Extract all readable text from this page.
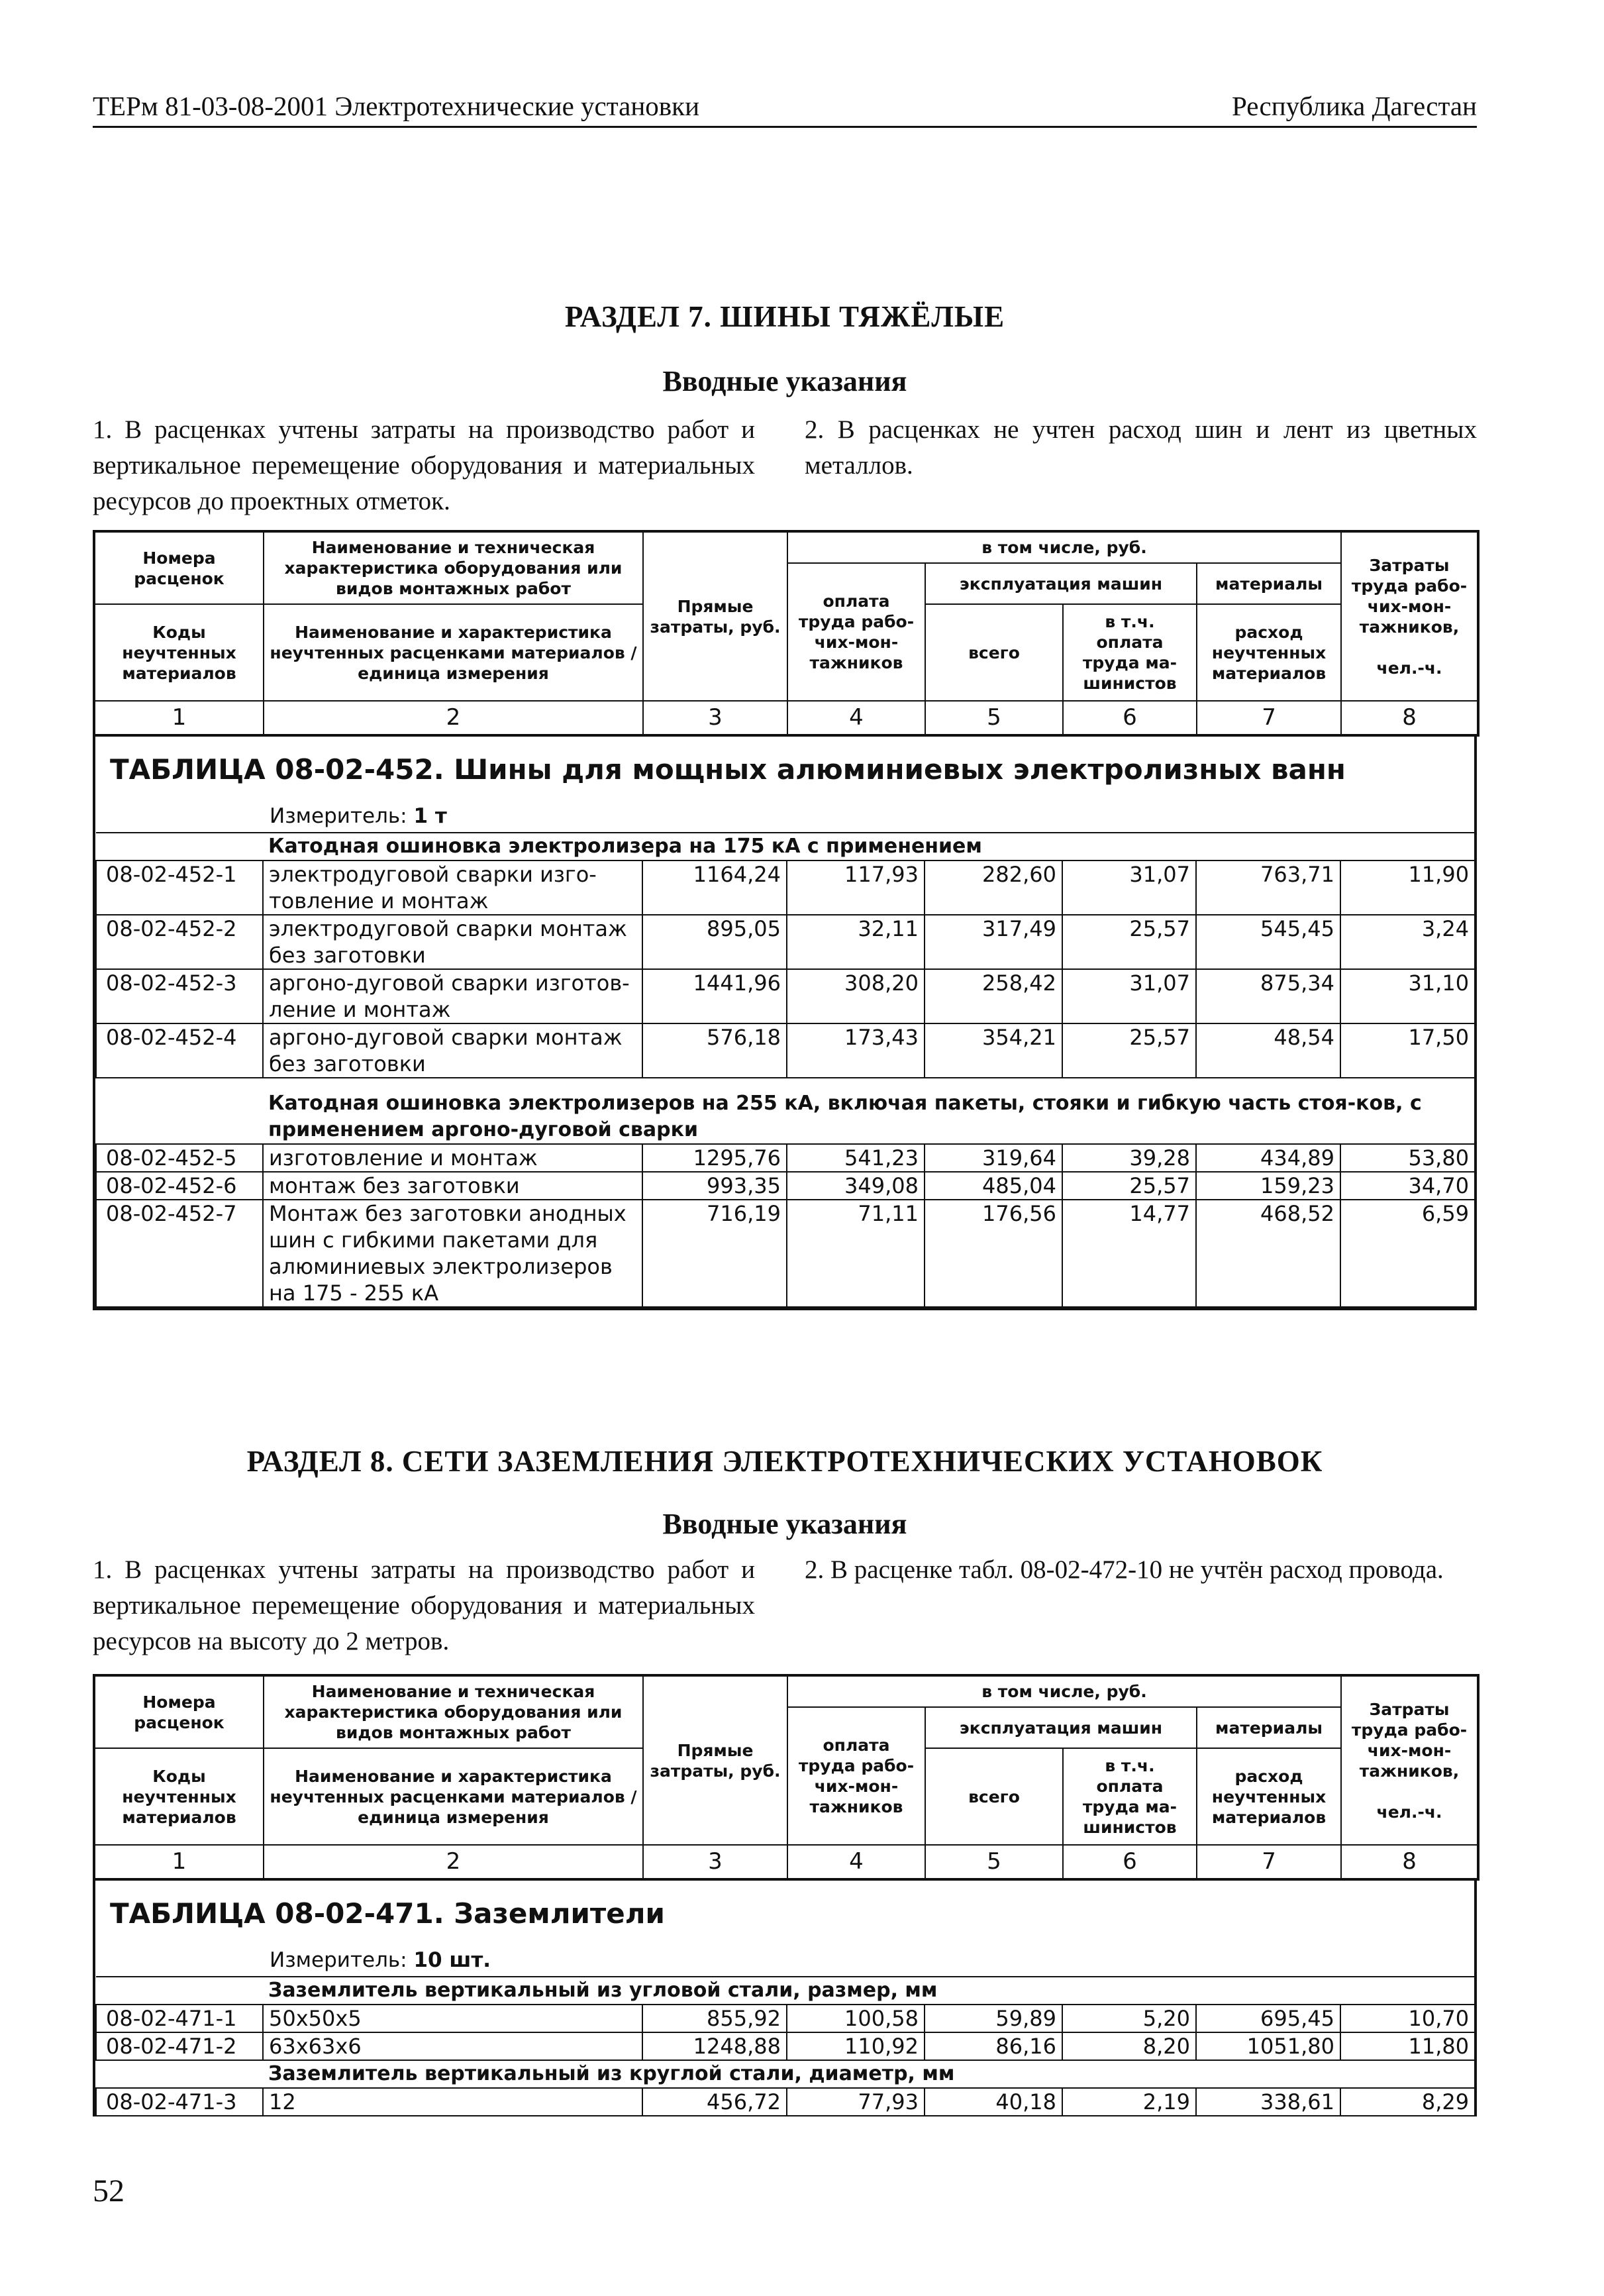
ТЕРм 81-03-08-2001 Электротехнические установки	Республика Дагестан
РАЗДЕЛ 7. ШИНЫ ТЯЖЁЛЫЕ
Вводные указания
1. В расценках учтены затраты на производство работ и вертикальное перемещение оборудования и материальных ресурсов до проектных отметок.
2. В расценках не учтен расход шин и лент из цветных металлов.
Номера расценок	Наименование и техническая характеристика оборудования или видов монтажных работ	Прямые затраты, руб.	в том числе, руб.				Затраты труда рабо-чих-мон-тажников,

чел.-ч.
			оплата труда рабо-чих-мон-тажников	эксплуатация машин		материалы	
Коды неучтенных материалов	Наименование и характеристика неучтенных расценками материалов / единица измерения			всего	в т.ч. оплата труда ма-шинистов	расход неучтенных материалов	

1	2	3	4	5	6	7	8
ТАБЛИЦА 08-02-452. Шины для мощных алюминиевых электролизных ванн
Измеритель: 1 т
	Катодная ошиновка электролизера на 175 кА с применением						
08-02-452-1	электродуговой сварки изго-товление и монтаж	1164,24	117,93	282,60	31,07	763,71	11,90
08-02-452-2	электродуговой сварки монтаж без заготовки	895,05	32,11	317,49	25,57	545,45	3,24
08-02-452-3	аргоно-дуговой сварки изготов-ление и монтаж	1441,96	308,20	258,42	31,07	875,34	31,10
08-02-452-4	аргоно-дуговой сварки монтаж без заготовки	576,18	173,43	354,21	25,57	48,54	17,50
	Катодная ошиновка электролизеров на 255 кА, включая пакеты, стояки и гибкую часть стоя-ков, с применением аргоно-дуговой сварки						
08-02-452-5	изготовление и монтаж	1295,76	541,23	319,64	39,28	434,89	53,80
08-02-452-6	монтаж без заготовки	993,35	349,08	485,04	25,57	159,23	34,70
08-02-452-7	Монтаж без заготовки анодных шин с гибкими пакетами для алюминиевых электролизеров на 175 - 255 кА	716,19	71,11	176,56	14,77	468,52	6,59
РАЗДЕЛ 8. СЕТИ ЗАЗЕМЛЕНИЯ ЭЛЕКТРОТЕХНИЧЕСКИХ УСТАНОВОК
Вводные указания
1. В расценках учтены затраты на производство работ и вертикальное перемещение оборудования и материальных ресурсов на высоту до 2 метров.
2. В расценке табл. 08-02-472-10 не учтён расход провода.
Номера расценок	Наименование и техническая характеристика оборудования или видов монтажных работ	Прямые затраты, руб.	в том числе, руб.				Затраты труда рабо-чих-мон-тажников,

чел.-ч.
			оплата труда рабо-чих-мон-тажников	эксплуатация машин		материалы	
Коды неучтенных материалов	Наименование и характеристика неучтенных расценками материалов / единица измерения			всего	в т.ч. оплата труда ма-шинистов	расход неучтенных материалов	

1	2	3	4	5	6	7	8
ТАБЛИЦА 08-02-471. Заземлители
Измеритель: 10 шт.
	Заземлитель вертикальный из угловой стали, размер, мм						
08-02-471-1	50x50x5	855,92	100,58	59,89	5,20	695,45	10,70
08-02-471-2	63x63x6	1248,88	110,92	86,16	8,20	1051,80	11,80
	Заземлитель вертикальный из круглой стали, диаметр, мм						
08-02-471-3	12	456,72	77,93	40,18	2,19	338,61	8,29
52
